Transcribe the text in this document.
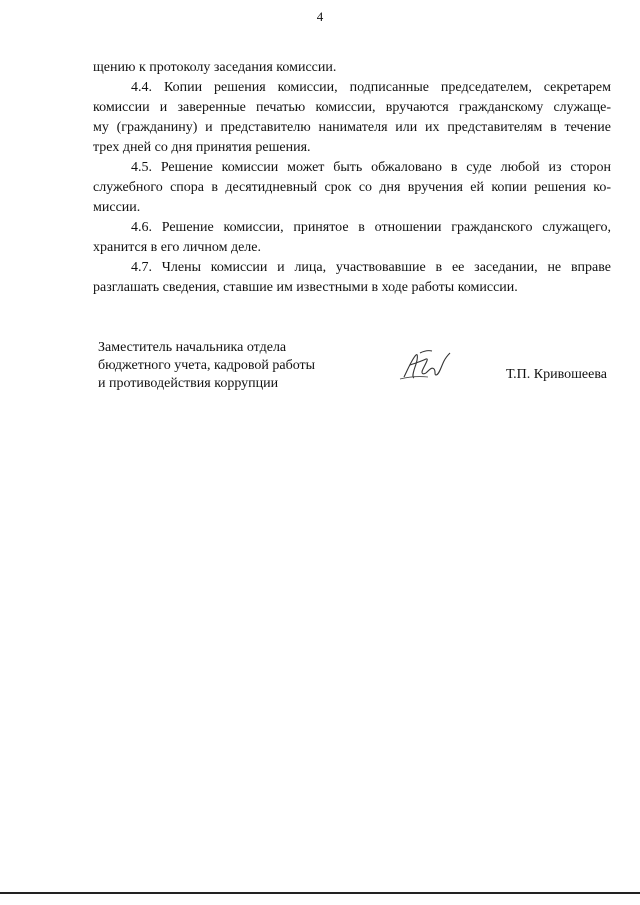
4
щению к протоколу заседания комиссии.
4.4. Копии решения комиссии, подписанные председателем, секретарем
комиссии и заверенные печатью комиссии, вручаются гражданскому служаще-
му (гражданину) и представителю нанимателя или их представителям в течение
трех дней со дня принятия решения.
4.5. Решение комиссии может быть обжаловано в суде любой из сторон
служебного спора в десятидневный срок со дня вручения ей копии решения ко-
миссии.
4.6. Решение комиссии, принятое в отношении гражданского служащего,
хранится в его личном деле.
4.7. Члены комиссии и лица, участвовавшие в ее заседании, не вправе
разглашать сведения, ставшие им известными в ходе работы комиссии.
Заместитель начальника отдела
бюджетного учета, кадровой работы
и противодействия коррупции
Т.П. Кривошеева
